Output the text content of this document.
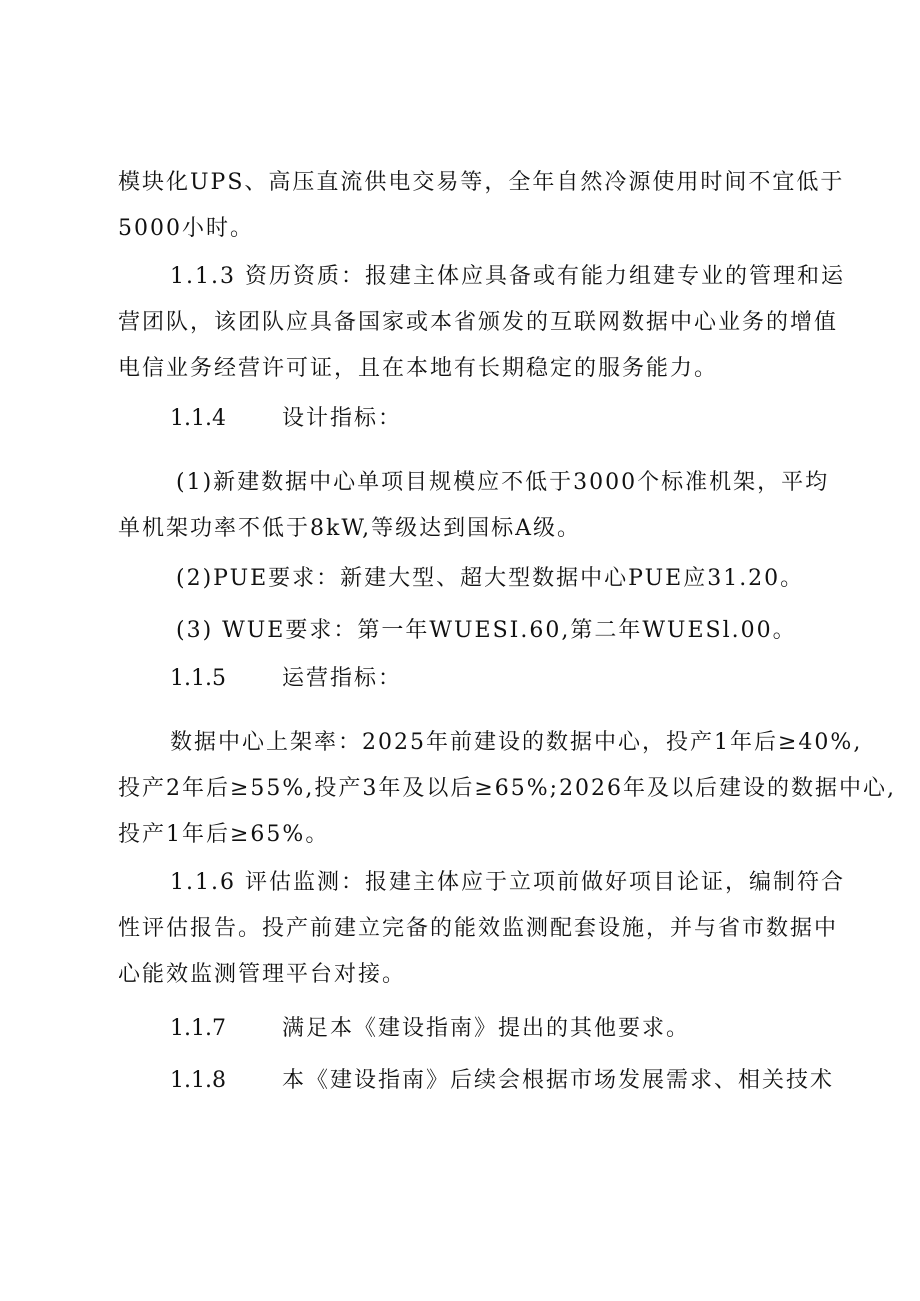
模块化UPS、高压直流供电交易等，全年自然冷源使用时间不宜低于
5000小时。
1.1.3 资历资质：报建主体应具备或有能力组建专业的管理和运
营团队，该团队应具备国家或本省颁发的互联网数据中心业务的增值
电信业务经营许可证，且在本地有长期稳定的服务能力。
1.1.4	设计指标：
(1)新建数据中心单项目规模应不低于3000个标准机架，平均
单机架功率不低于8kW,等级达到国标A级。
(2)PUE要求：新建大型、超大型数据中心PUE应31.20。
(3) WUE要求：第一年WUESI.60,第二年WUESl.00。
1.1.5	运营指标：
数据中心上架率：2025年前建设的数据中心，投产1年后≥40%,
投产2年后≥55%,投产3年及以后≥65%;2026年及以后建设的数据中心,
投产1年后≥65%。
1.1.6 评估监测：报建主体应于立项前做好项目论证，编制符合
性评估报告。投产前建立完备的能效监测配套设施，并与省市数据中
心能效监测管理平台对接。
1.1.7	满足本《建设指南》提出的其他要求。
1.1.8	本《建设指南》后续会根据市场发展需求、相关技术
